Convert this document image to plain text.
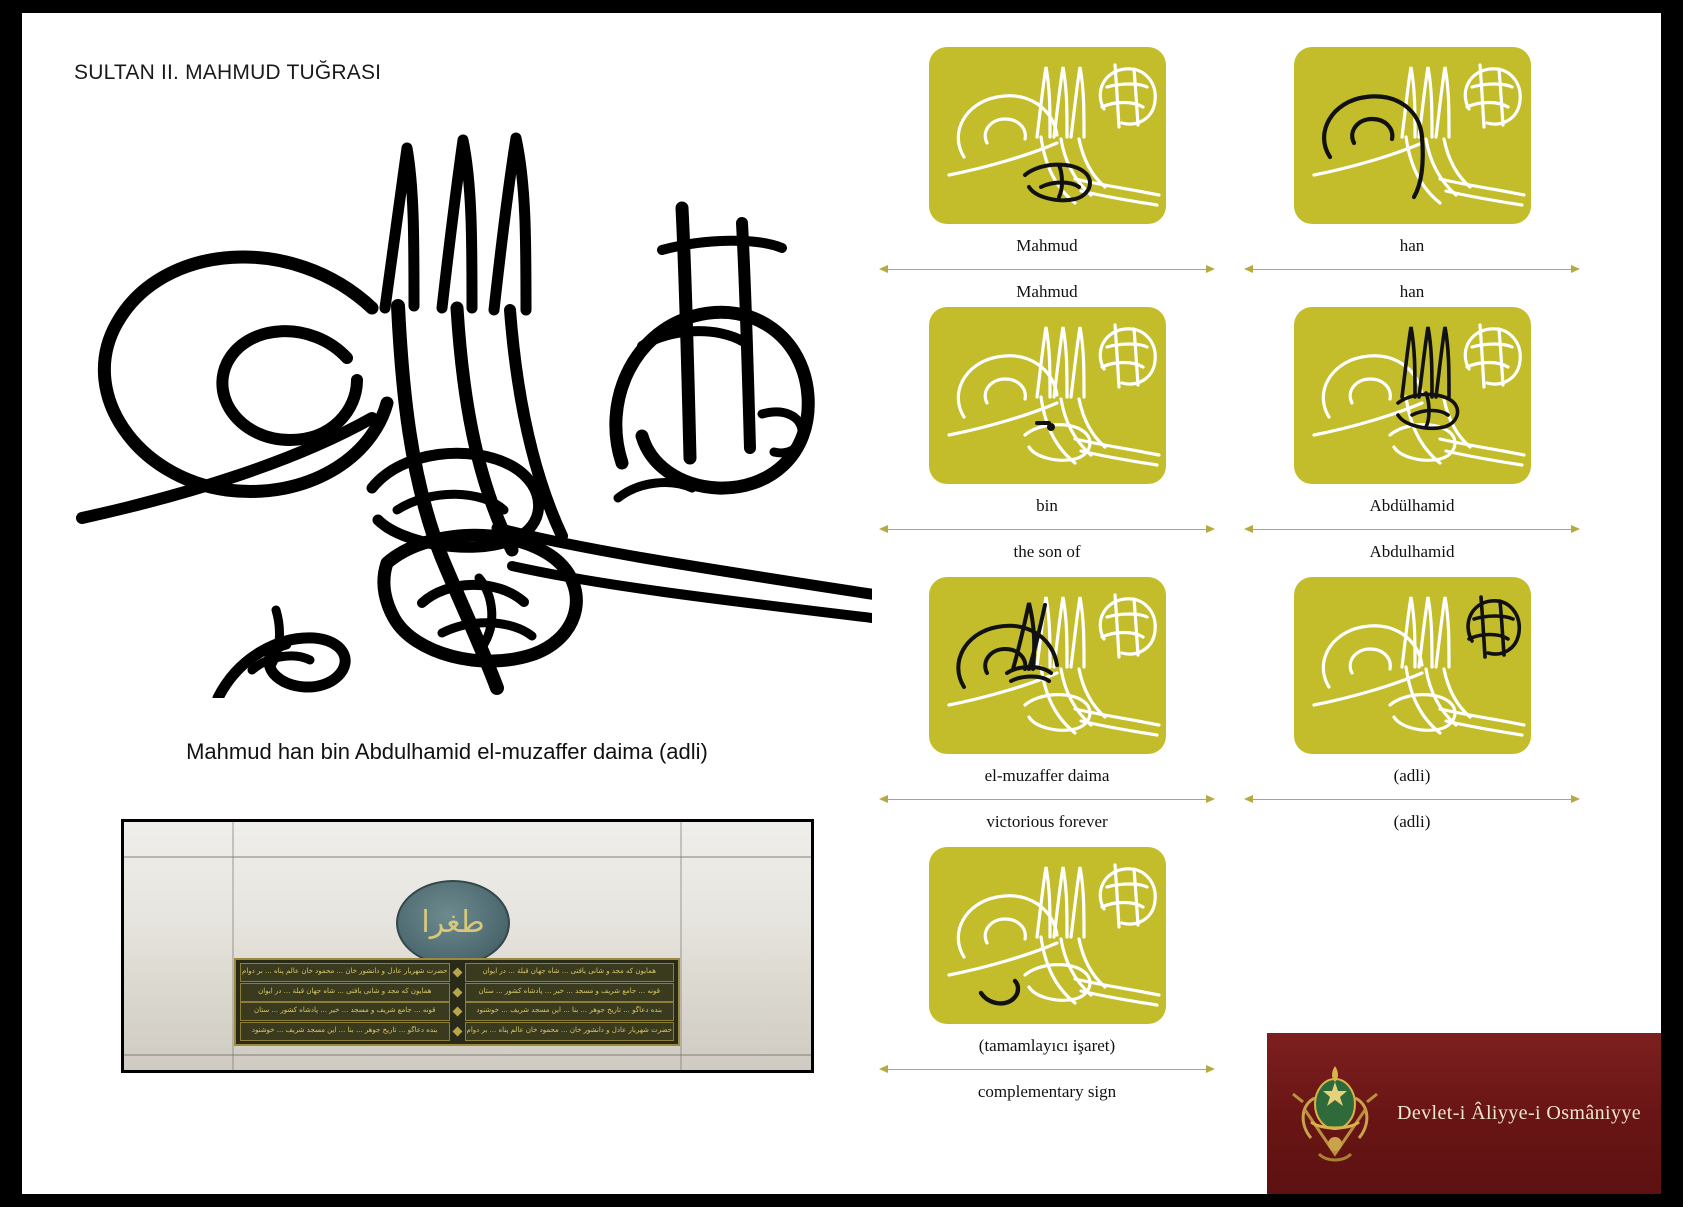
SULTAN II. MAHMUD TUĞRASI
Mahmud han bin Abdulhamid el-muzaffer daima (adli)
ﻃﻐﺮﺍ
حضرت شهريار عادل و دانشور خان ... محمود خان عالم پناه ... بر دوام	همايون كه مجد و شانى يافتى ... شاه جهان قبلة ... در ايوان
همايون كه مجد و شانى يافتى ... شاه جهان قبلة ... در ايوان	قونه ... جامع شريف و مسجد ... خير ... پادشاه كشور ... ستان
قونه ... جامع شريف و مسجد ... خير ... پادشاه كشور ... ستان	بنده دعاگو ... تاريخ جوهر ... بنا ... اين مسجد شريف ... خوشنود
بنده دعاگو ... تاريخ جوهر ... بنا ... اين مسجد شريف ... خوشنود	حضرت شهريار عادل و دانشور خان ... محمود خان عالم پناه ... بر دوام
Mahmud
Mahmud
han
han
bin
the son of
Abdülhamid
Abdulhamid
el-muzaffer daima
victorious forever
(adli)
(adli)
(tamamlayıcı işaret)
complementary sign
Devlet-i Âliyye-i Osmâniyye
